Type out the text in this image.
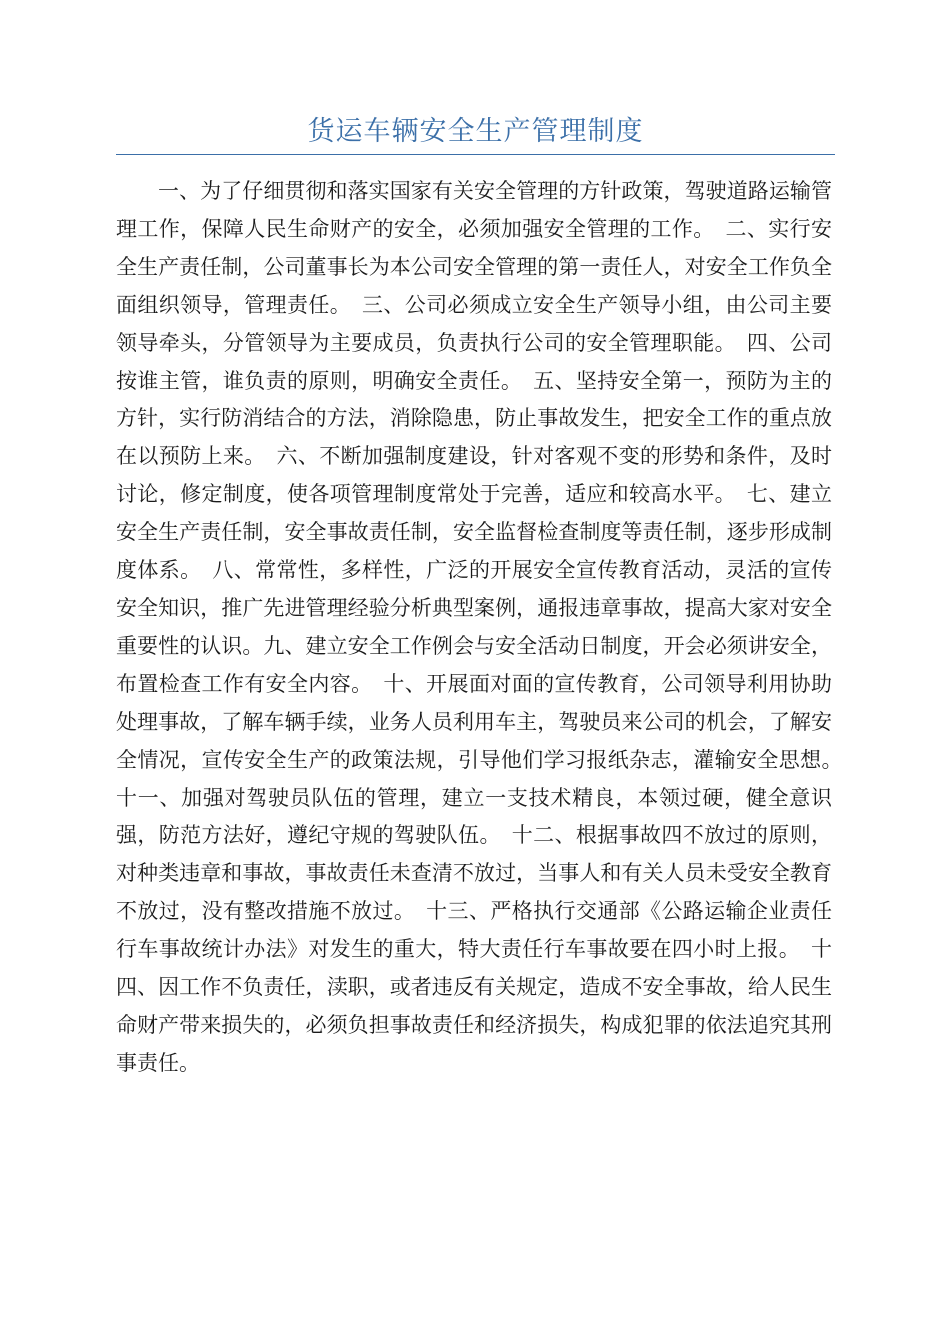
货运车辆安全生产管理制度

一、为了仔细贯彻和落实国家有关安全管理的方针政策，驾驶道路运输管理工作，保障人民生命财产的安全，必须加强安全管理的工作。　二、实行安全生产责任制，公司董事长为本公司安全管理的第一责任人，对安全工作负全面组织领导，管理责任。　三、公司必须成立安全生产领导小组，由公司主要领导牵头，分管领导为主要成员，负责执行公司的安全管理职能。　四、公司按谁主管，谁负责的原则，明确安全责任。　五、坚持安全第一，预防为主的方针，实行防消结合的方法，消除隐患，防止事故发生，把安全工作的重点放在以预防上来。　六、不断加强制度建设，针对客观不变的形势和条件，及时讨论，修定制度，使各项管理制度常处于完善，适应和较高水平。　七、建立安全生产责任制，安全事故责任制，安全监督检查制度等责任制，逐步形成制度体系。　八、常常性，多样性，广泛的开展安全宣传教育活动，灵活的宣传安全知识，推广先进管理经验分析典型案例，通报违章事故，提高大家对安全重要性的认识。九、建立安全工作例会与安全活动日制度，开会必须讲安全，布置检查工作有安全内容。　十、开展面对面的宣传教育，公司领导利用协助处理事故，了解车辆手续，业务人员利用车主，驾驶员来公司的机会，了解安全情况，宣传安全生产的政策法规，引导他们学习报纸杂志，灌输安全思想。　十一、加强对驾驶员队伍的管理，建立一支技术精良，本领过硬，健全意识强，防范方法好，遵纪守规的驾驶队伍。　十二、根据事故四不放过的原则，对种类违章和事故，事故责任未查清不放过，当事人和有关人员未受安全教育不放过，没有整改措施不放过。　十三、严格执行交通部《公路运输企业责任行车事故统计办法》对发生的重大，特大责任行车事故要在四小时上报。　十四、因工作不负责任，渎职，或者违反有关规定，造成不安全事故，给人民生命财产带来损失的，必须负担事故责任和经济损失，构成犯罪的依法追究其刑事责任。
